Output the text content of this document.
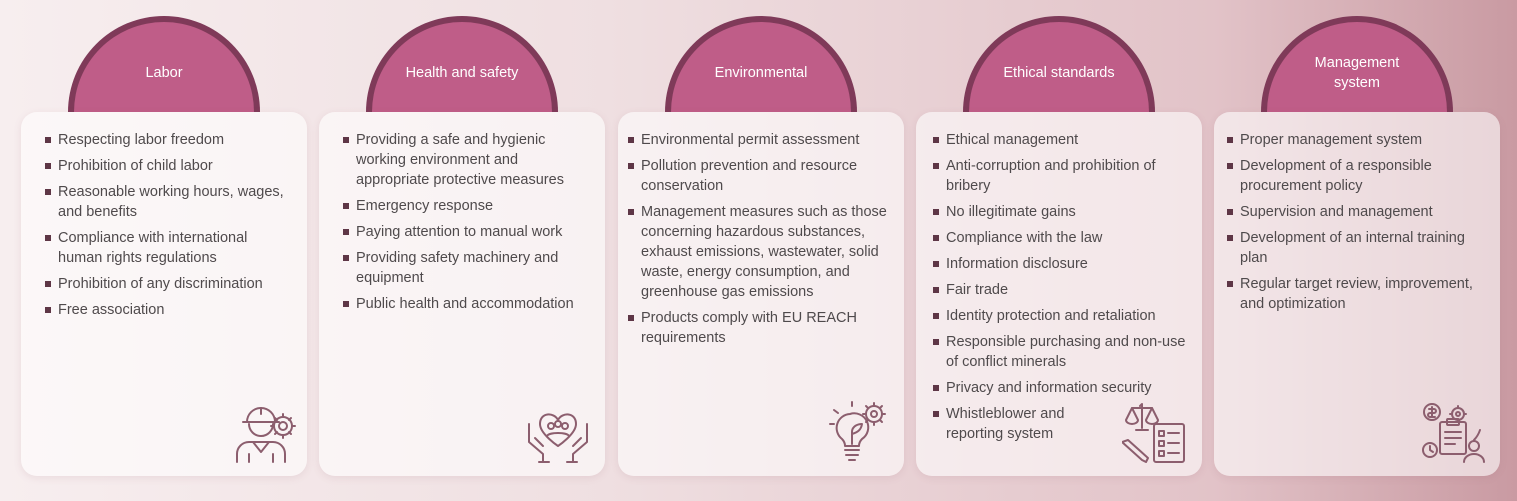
Labor
Respecting labor freedom
Prohibition of child labor
Reasonable working hours, wages, and benefits
Compliance with international human rights regulations
Prohibition of any discrimination
Free association
Health and safety
Providing a safe and hygienic working environment and appropriate protective measures
Emergency response
Paying attention to manual work
Providing safety machinery and equipment
Public health and accommodation
Environmental
Environmental permit assessment
Pollution prevention and resource conservation
Management measures such as those concerning hazardous substances, exhaust emissions, wastewater, solid waste, energy consumption, and greenhouse gas emissions
Products comply with EU REACH requirements
Ethical standards
Ethical management
Anti-corruption and prohibition of bribery
No illegitimate gains
Compliance with the law
Information disclosure
Fair trade
Identity protection and retaliation
Responsible purchasing and non-use of conflict minerals
Privacy and information security
Whistleblower and reporting system
Management system
Proper management system
Development of a responsible procurement policy
Supervision and management
Development of an internal training plan
Regular target review, improvement, and optimization
